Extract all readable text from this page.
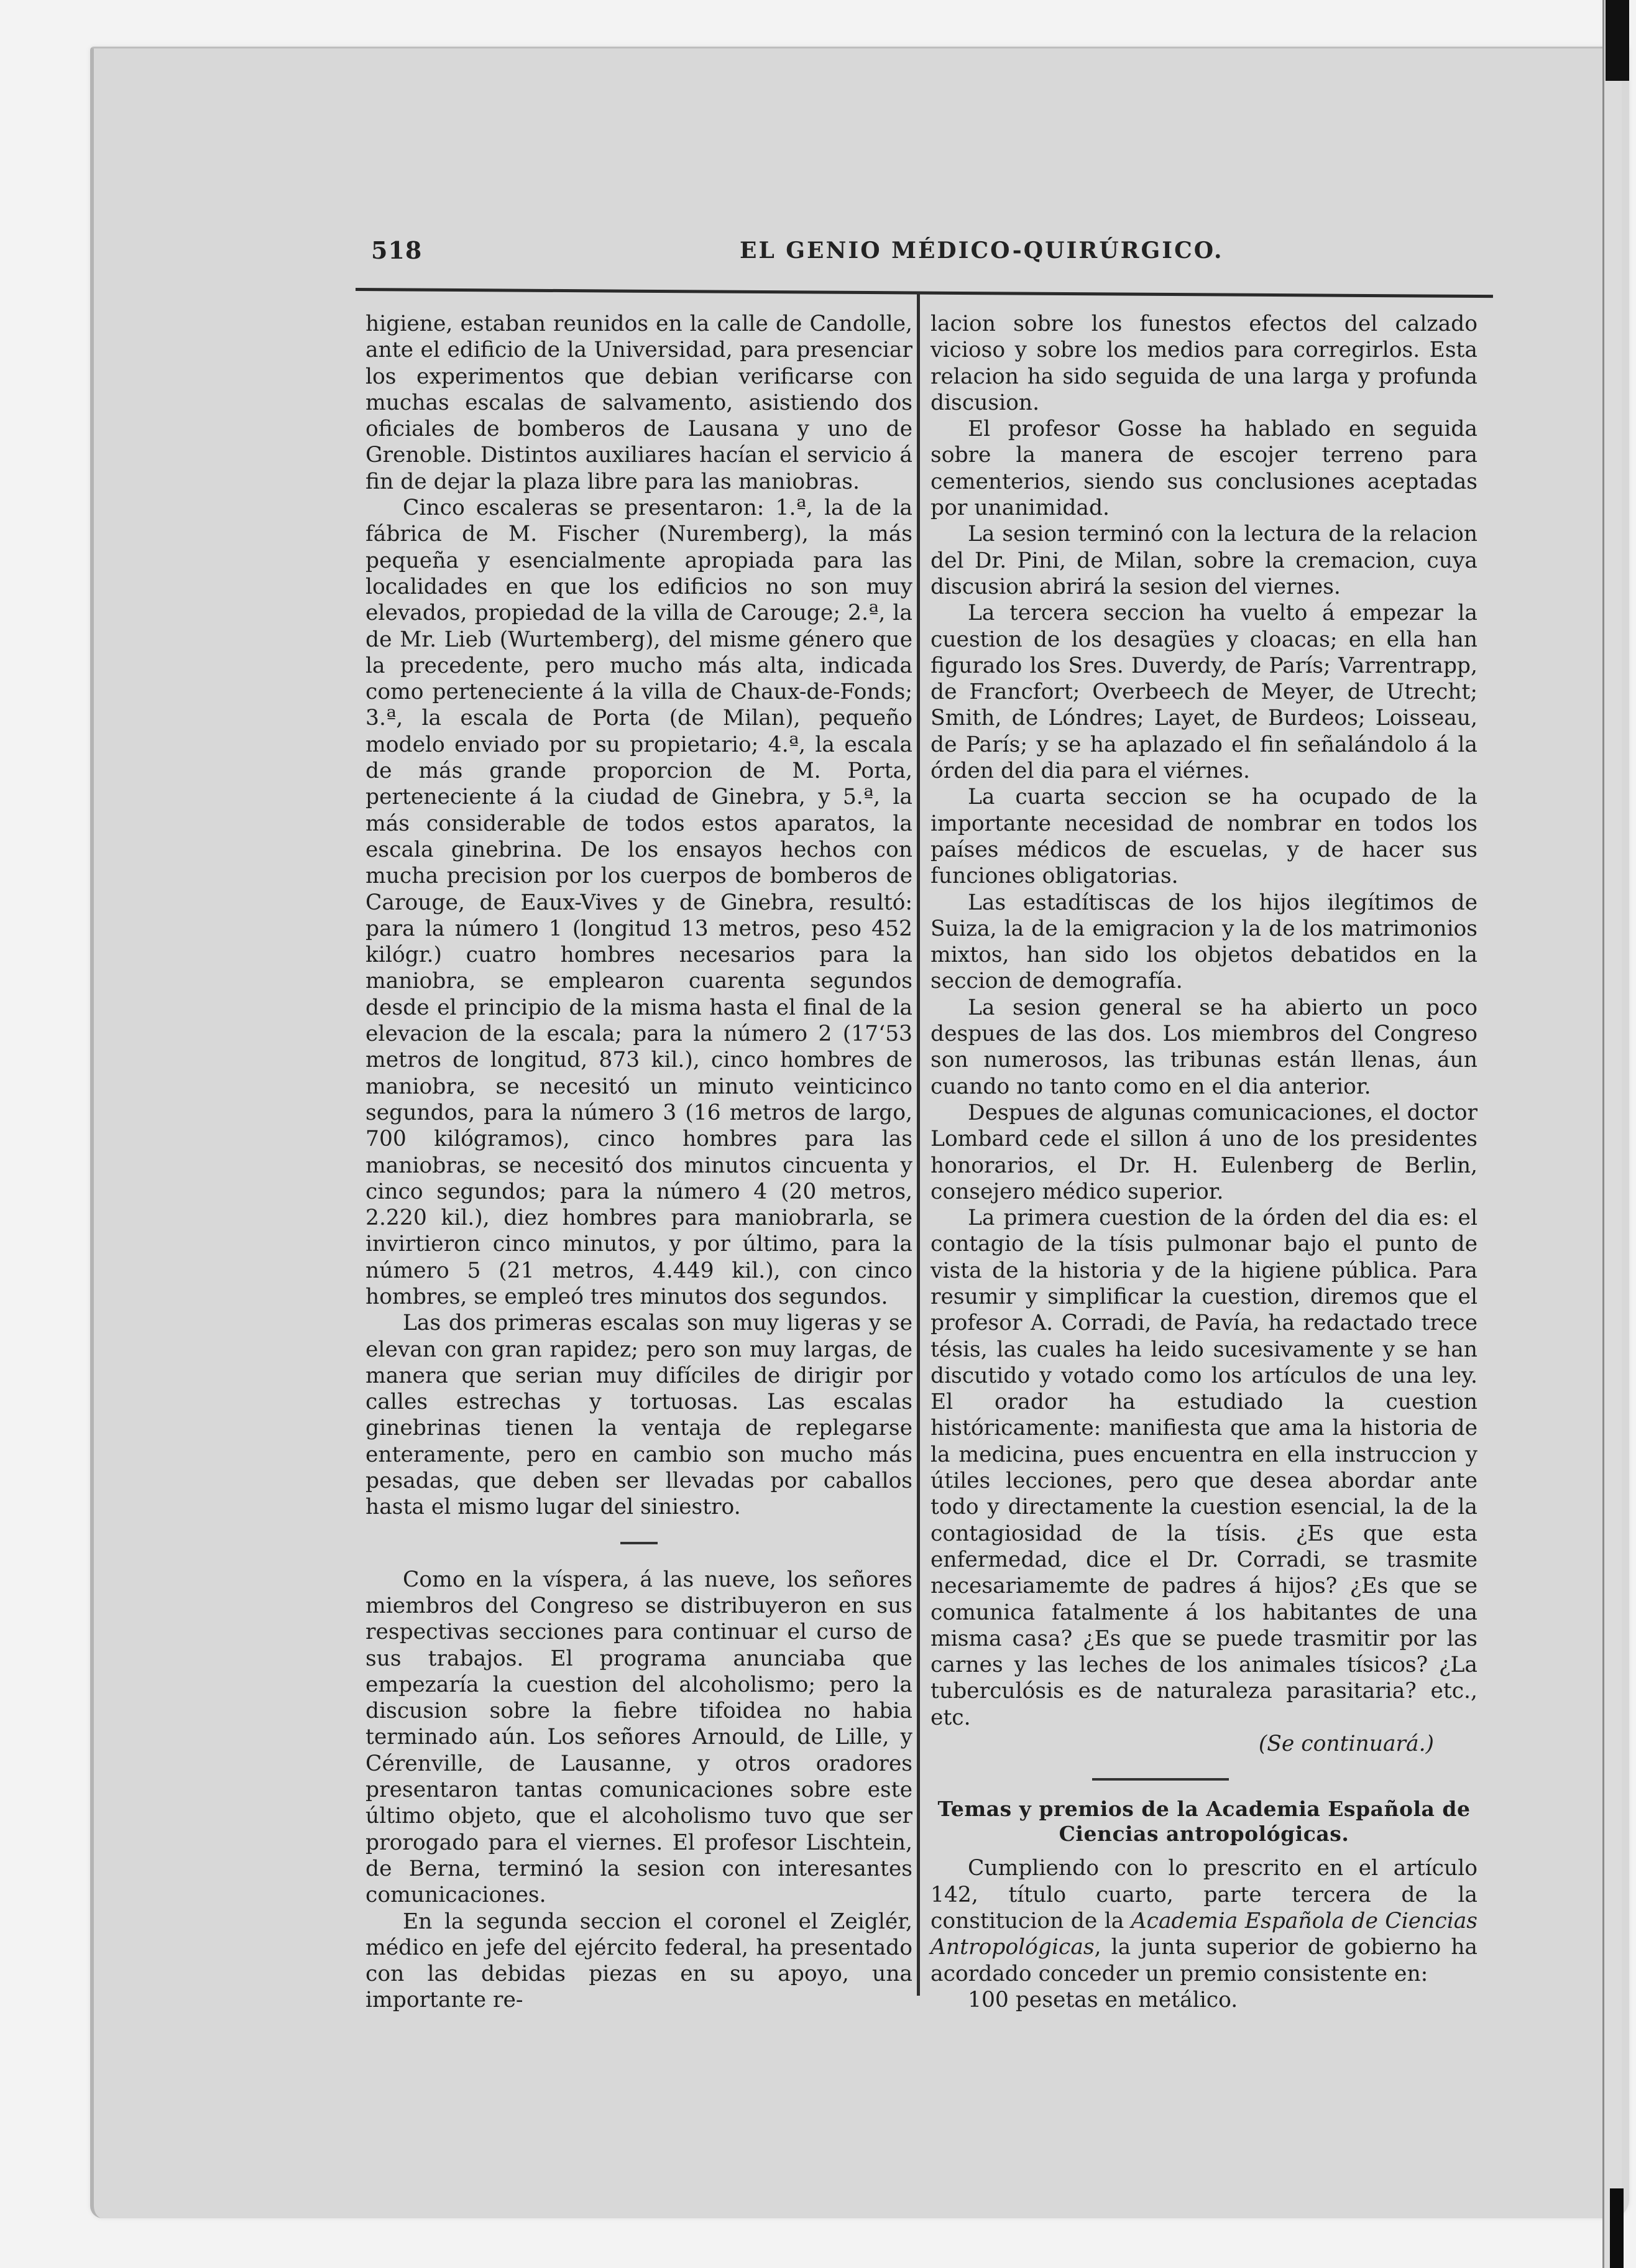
518	EL GENIO MÉDICO-QUIRÚRGICO.

higiene, estaban reunidos en la calle de Candolle, ante el edificio de la Universidad, para presenciar los experimentos que debian verificarse con muchas escalas de salvamento, asistiendo dos oficiales de bomberos de Lausana y uno de Grenoble. Distintos auxiliares hacían el servicio á fin de dejar la plaza libre para las maniobras.

Cinco escaleras se presentaron: 1.ª, la de la fábrica de M. Fischer (Nuremberg), la más pequeña y esencialmente apropiada para las localidades en que los edificios no son muy elevados, propiedad de la villa de Carouge; 2.ª, la de Mr. Lieb (Wurtemberg), del misme género que la precedente, pero mucho más alta, indicada como perteneciente á la villa de Chaux-de-Fonds; 3.ª, la escala de Porta (de Milan), pequeño modelo enviado por su propietario; 4.ª, la escala de más grande proporcion de M. Porta, perteneciente á la ciudad de Ginebra, y 5.ª, la más considerable de todos estos aparatos, la escala ginebrina. De los ensayos hechos con mucha precision por los cuerpos de bomberos de Carouge, de Eaux-Vives y de Ginebra, resultó: para la número 1 (longitud 13 metros, peso 452 kilógr.) cuatro hombres necesarios para la maniobra, se emplearon cuarenta segundos desde el principio de la misma hasta el final de la elevacion de la escala; para la número 2 (17‘53 metros de longitud, 873 kil.), cinco hombres de maniobra, se necesitó un minuto veinticinco segundos, para la número 3 (16 metros de largo, 700 kilógramos), cinco hombres para las maniobras, se necesitó dos minutos cincuenta y cinco segundos; para la número 4 (20 metros, 2.220 kil.), diez hombres para maniobrarla, se invirtieron cinco minutos, y por último, para la número 5 (21 metros, 4.449 kil.), con cinco hombres, se empleó tres minutos dos segundos.

Las dos primeras escalas son muy ligeras y se elevan con gran rapidez; pero son muy largas, de manera que serian muy difíciles de dirigir por calles estrechas y tortuosas. Las escalas ginebrinas tienen la ventaja de replegarse enteramente, pero en cambio son mucho más pesadas, que deben ser llevadas por caballos hasta el mismo lugar del siniestro.

Como en la víspera, á las nueve, los señores miembros del Congreso se distribuyeron en sus respectivas secciones para continuar el curso de sus trabajos. El programa anunciaba que empezaría la cuestion del alcoholismo; pero la discusion sobre la fiebre tifoidea no habia terminado aún. Los señores Arnould, de Lille, y Cérenville, de Lausanne, y otros oradores presentaron tantas comunicaciones sobre este último objeto, que el alcoholismo tuvo que ser prorogado para el viernes. El profesor Lischtein, de Berna, terminó la sesion con interesantes comunicaciones.

En la segunda seccion el coronel el Zeiglér, médico en jefe del ejército federal, ha presentado con las debidas piezas en su apoyo, una importante re-

lacion sobre los funestos efectos del calzado vicioso y sobre los medios para corregirlos. Esta relacion ha sido seguida de una larga y profunda discusion.

El profesor Gosse ha hablado en seguida sobre la manera de escojer terreno para cementerios, siendo sus conclusiones aceptadas por unanimidad.

La sesion terminó con la lectura de la relacion del Dr. Pini, de Milan, sobre la cremacion, cuya discusion abrirá la sesion del viernes.

La tercera seccion ha vuelto á empezar la cuestion de los desagües y cloacas; en ella han figurado los Sres. Duverdy, de París; Varrentrapp, de Francfort; Overbeech de Meyer, de Utrecht; Smith, de Lóndres; Layet, de Burdeos; Loisseau, de París; y se ha aplazado el fin señalándolo á la órden del dia para el viérnes.

La cuarta seccion se ha ocupado de la importante necesidad de nombrar en todos los países médicos de escuelas, y de hacer sus funciones obligatorias.

Las estadítiscas de los hijos ilegítimos de Suiza, la de la emigracion y la de los matrimonios mixtos, han sido los objetos debatidos en la seccion de demografía.

La sesion general se ha abierto un poco despues de las dos. Los miembros del Congreso son numerosos, las tribunas están llenas, áun cuando no tanto como en el dia anterior.

Despues de algunas comunicaciones, el doctor Lombard cede el sillon á uno de los presidentes honorarios, el Dr. H. Eulenberg de Berlin, consejero médico superior.

La primera cuestion de la órden del dia es: el contagio de la tísis pulmonar bajo el punto de vista de la historia y de la higiene pública. Para resumir y simplificar la cuestion, diremos que el profesor A. Corradi, de Pavía, ha redactado trece tésis, las cuales ha leido sucesivamente y se han discutido y votado como los artículos de una ley. El orador ha estudiado la cuestion históricamente: manifiesta que ama la historia de la medicina, pues encuentra en ella instruccion y útiles lecciones, pero que desea abordar ante todo y directamente la cuestion esencial, la de la contagiosidad de la tísis. ¿Es que esta enfermedad, dice el Dr. Corradi, se trasmite necesariamemte de padres á hijos? ¿Es que se comunica fatalmente á los habitantes de una misma casa? ¿Es que se puede trasmitir por las carnes y las leches de los animales tísicos? ¿La tuberculósis es de naturaleza parasitaria? etc., etc.

(Se continuará.)

Temas y premios de la Academia Española de Ciencias antropológicas.

Cumpliendo con lo prescrito en el artículo 142, título cuarto, parte tercera de la constitucion de la Academia Española de Ciencias Antropológicas, la junta superior de gobierno ha acordado conceder un premio consistente en:

100 pesetas en metálico.
